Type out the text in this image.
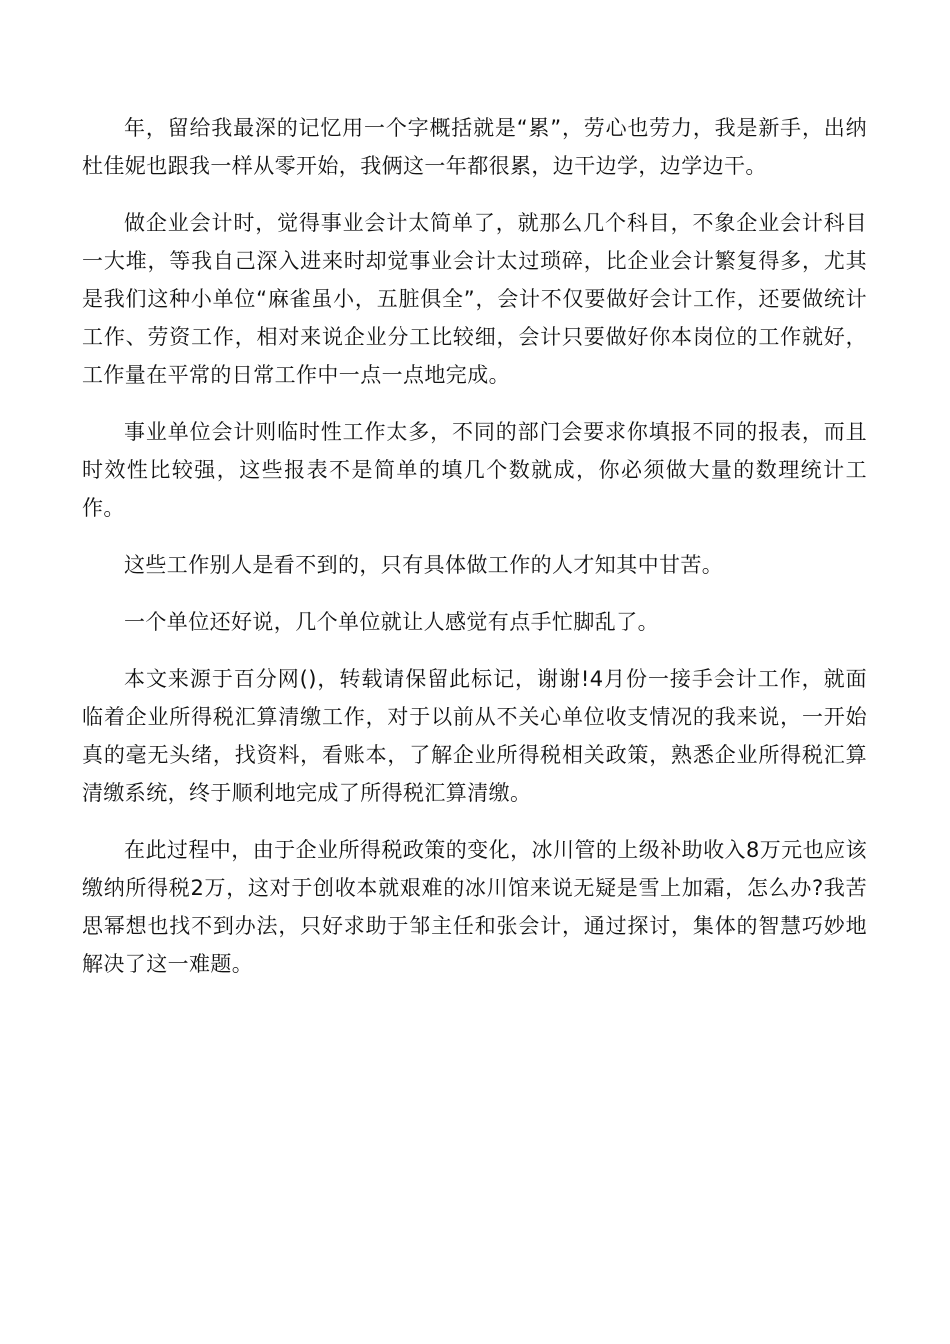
年，留给我最深的记忆用一个字概括就是“累”，劳心也劳力，我是新手，出纳杜佳妮也跟我一样从零开始，我俩这一年都很累，边干边学，边学边干。

做企业会计时，觉得事业会计太简单了，就那么几个科目，不象企业会计科目一大堆，等我自己深入进来时却觉事业会计太过琐碎，比企业会计繁复得多，尤其是我们这种小单位“麻雀虽小，五脏俱全”，会计不仅要做好会计工作，还要做统计工作、劳资工作，相对来说企业分工比较细，会计只要做好你本岗位的工作就好，工作量在平常的日常工作中一点一点地完成。

事业单位会计则临时性工作太多，不同的部门会要求你填报不同的报表，而且时效性比较强，这些报表不是简单的填几个数就成，你必须做大量的数理统计工作。

这些工作别人是看不到的，只有具体做工作的人才知其中甘苦。

一个单位还好说，几个单位就让人感觉有点手忙脚乱了。

本文来源于百分网()，转载请保留此标记，谢谢!4月份一接手会计工作，就面临着企业所得税汇算清缴工作，对于以前从不关心单位收支情况的我来说，一开始真的毫无头绪，找资料，看账本，了解企业所得税相关政策，熟悉企业所得税汇算清缴系统，终于顺利地完成了所得税汇算清缴。

在此过程中，由于企业所得税政策的变化，冰川管的上级补助收入8万元也应该缴纳所得税2万，这对于创收本就艰难的冰川馆来说无疑是雪上加霜，怎么办?我苦思幂想也找不到办法，只好求助于邹主任和张会计，通过探讨，集体的智慧巧妙地解决了这一难题。
